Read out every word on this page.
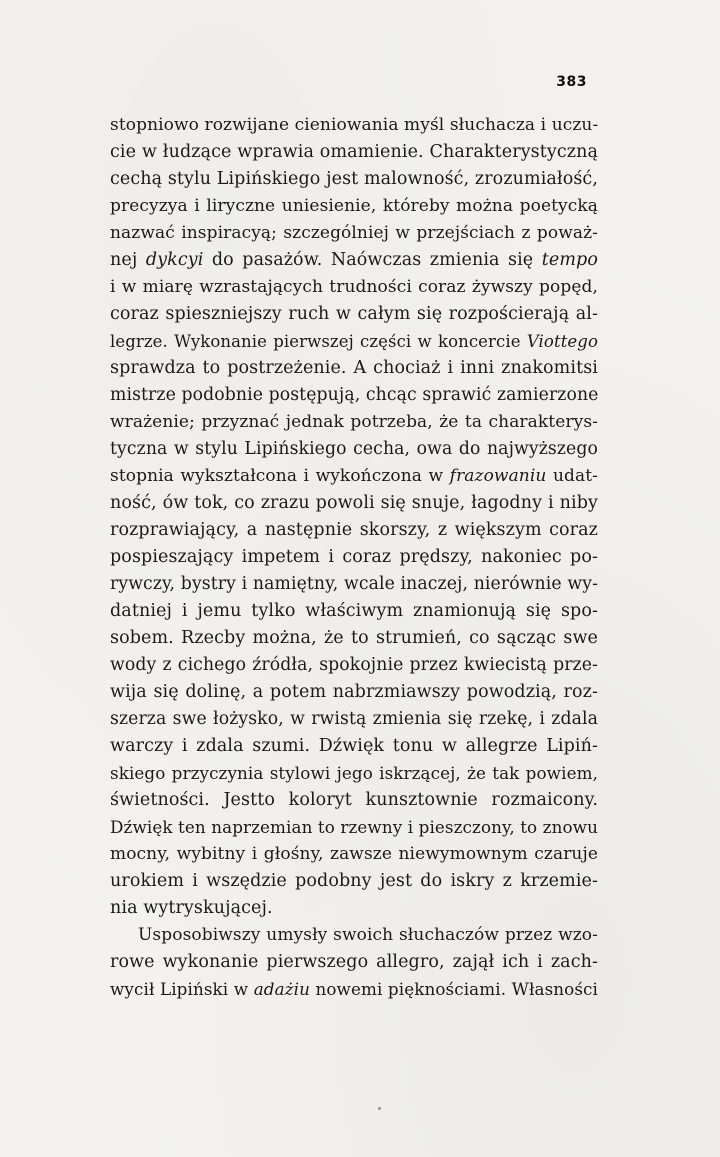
383
stopniowo rozwijane cieniowania myśl słuchacza i uczu-
cie w łudzące wprawia omamienie. Charakterystyczną
cechą stylu Lipińskiego jest malowność, zrozumiałość,
precyzya i liryczne uniesienie, któreby można poetycką
nazwać inspiracyą; szczególniej w przejściach z poważ-
nej dykcyi do pasażów. Naówczas zmienia się tempo
i w miarę wzrastających trudności coraz żywszy popęd,
coraz spieszniejszy ruch w całym się rozpościerają al-
legrze. Wykonanie pierwszej części w koncercie Viottego
sprawdza to postrzeżenie. A chociaż i inni znakomitsi
mistrze podobnie postępują, chcąc sprawić zamierzone
wrażenie; przyznać jednak potrzeba, że ta charakterys-
tyczna w stylu Lipińskiego cecha, owa do najwyższego
stopnia wykształcona i wykończona w frazowaniu udat-
ność, ów tok, co zrazu powoli się snuje, łagodny i niby
rozprawiający, a następnie skorszy, z większym coraz
pospieszający impetem i coraz prędszy, nakoniec po-
rywczy, bystry i namiętny, wcale inaczej, nierównie wy-
datniej i jemu tylko właściwym znamionują się spo-
sobem. Rzecby można, że to strumień, co sącząc swe
wody z cichego źródła, spokojnie przez kwiecistą prze-
wija się dolinę, a potem nabrzmiawszy powodzią, roz-
szerza swe łożysko, w rwistą zmienia się rzekę, i zdala
warczy i zdala szumi. Dźwięk tonu w allegrze Lipiń-
skiego przyczynia stylowi jego iskrzącej, że tak powiem,
świetności. Jestto koloryt kunsztownie rozmaicony.
Dźwięk ten naprzemian to rzewny i pieszczony, to znowu
mocny, wybitny i głośny, zawsze niewymownym czaruje
urokiem i wszędzie podobny jest do iskry z krzemie-
nia wytryskującej.
Usposobiwszy umysły swoich słuchaczów przez wzo-
rowe wykonanie pierwszego allegro, zajął ich i zach-
wycił Lipiński w adażiu nowemi pięknościami. Własności
